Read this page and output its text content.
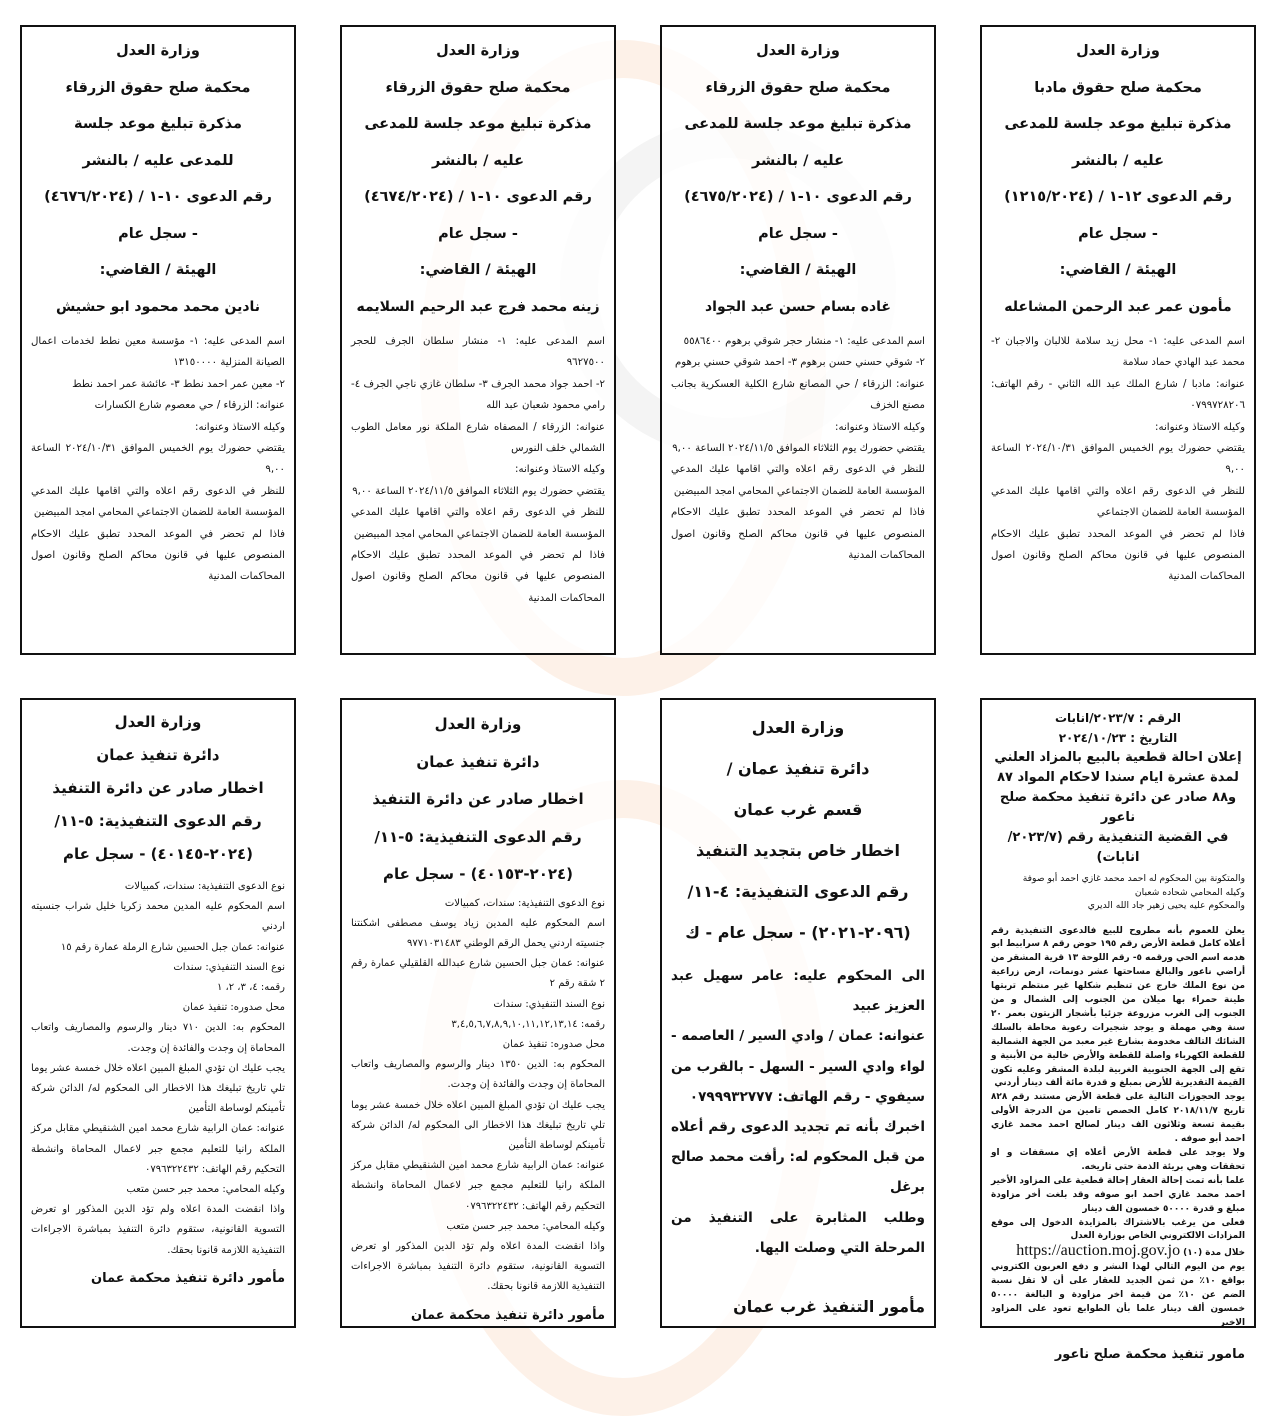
وزارة العدل
محكمة صلح حقوق مادبا
مذكرة تبليغ موعد جلسة للمدعى
عليه / بالنشر
رقم الدعوى ١٢-١ / (١٢١٥/٢٠٢٤)
- سجل عام
الهيئة / القاضي:
مأمون عمر عبد الرحمن المشاعله

اسم المدعى عليه: ١- محل زيد سلامة للالبان والاجبان ٢- محمد عبد الهادي حماد سلامة

عنوانه: مادبا / شارع الملك عبد الله الثاني - رقم الهاتف: ٠٧٩٩٧٢٨٢٠٦

وكيله الاستاذ وعنوانه:

يقتضي حضورك يوم الخميس الموافق ٢٠٢٤/١٠/٣١ الساعة ٩,٠٠

للنظر في الدعوى رقم اعلاه والتي اقامها عليك المدعي المؤسسة العامة للضمان الاجتماعي

فاذا لم تحضر في الموعد المحدد تطبق عليك الاحكام المنصوص عليها في قانون محاكم الصلح وقانون اصول المحاكمات المدنية

وزارة العدل
محكمة صلح حقوق الزرقاء
مذكرة تبليغ موعد جلسة للمدعى
عليه / بالنشر
رقم الدعوى ١٠-١ / (٤٦٧٥/٢٠٢٤)
- سجل عام
الهيئة / القاضي:
غاده بسام حسن عبد الجواد

اسم المدعى عليه: ١- منشار حجر شوقي برهوم ٥٥٨٦٤٠٠

٢- شوقي حسني حسن برهوم ٣- احمد شوقي حسني برهوم

عنوانه: الزرقاء / حي المصانع شارع الكلية العسكرية بجانب مصنع الخزف

وكيله الاستاذ وعنوانه:

يقتضي حضورك يوم الثلاثاء الموافق ٢٠٢٤/١١/٥ الساعة ٩,٠٠

للنظر في الدعوى رقم اعلاه والتي اقامها عليك المدعي المؤسسة العامة للضمان الاجتماعي المحامي امجد المبيضين

فاذا لم تحضر في الموعد المحدد تطبق عليك الاحكام المنصوص عليها في قانون محاكم الصلح وقانون اصول المحاكمات المدنية

وزارة العدل
محكمة صلح حقوق الزرقاء
مذكرة تبليغ موعد جلسة للمدعى
عليه / بالنشر
رقم الدعوى ١٠-١ / (٤٦٧٤/٢٠٢٤)
- سجل عام
الهيئة / القاضي:
زينه محمد فرج عبد الرحيم السلايمه

اسم المدعى عليه: ١- منشار سلطان الجرف للحجر ٩٦٢٧٥٠٠

٢- احمد جواد محمد الجرف ٣- سلطان غازي ناجي الجرف ٤- رامي محمود شعبان عبد الله

عنوانه: الزرقاء / المصفاه شارع الملكة نور معامل الطوب الشمالي خلف النورس

وكيله الاستاذ وعنوانه:

يقتضي حضورك يوم الثلاثاء الموافق ٢٠٢٤/١١/٥ الساعة ٩,٠٠

للنظر في الدعوى رقم اعلاه والتي اقامها عليك المدعي المؤسسة العامة للضمان الاجتماعي المحامي امجد المبيضين

فاذا لم تحضر في الموعد المحدد تطبق عليك الاحكام المنصوص عليها في قانون محاكم الصلح وقانون اصول المحاكمات المدنية

وزارة العدل
محكمة صلح حقوق الزرقاء
مذكرة تبليغ موعد جلسة
للمدعى عليه / بالنشر
رقم الدعوى ١٠-١ / (٤٦٧٦/٢٠٢٤)
- سجل عام
الهيئة / القاضي:
نادين محمد محمود ابو حشيش

اسم المدعى عليه: ١- مؤسسة معين نطط لخدمات اعمال الصيانة المنزلية ١٣١٥٠٠٠٠

٢- معين عمر احمد نطط ٣- عائشة عمر احمد نطط

عنوانه: الزرقاء / حي معصوم شارع الكسارات

وكيله الاستاذ وعنوانه:

يقتضي حضورك يوم الخميس الموافق ٢٠٢٤/١٠/٣١ الساعة ٩,٠٠

للنظر في الدعوى رقم اعلاه والتي اقامها عليك المدعي المؤسسة العامة للضمان الاجتماعي المحامي امجد المبيضين

فاذا لم تحضر في الموعد المحدد تطبق عليك الاحكام المنصوص عليها في قانون محاكم الصلح وقانون اصول المحاكمات المدنية

الرقم : ٢٠٢٣/٧/انابات
التاريخ : ٢٠٢٤/١٠/٢٣
إعلان احالة قطعية بالبيع بالمزاد العلني لمدة عشرة ايام سندا لاحكام المواد ٨٧ و٨٨ صادر عن دائرة تنفيذ محكمة صلح ناعور
في القضية التنفيذية رقم (٢٠٢٣/٧/ انابات)
والمتكونة بين المحكوم له احمد محمد غازي احمد أبو صوفة
وكيله المحامي شحاده شعبان
والمحكوم عليه يحيى زهير جاد الله الديري

يعلن للعموم بأنه مطروح للبيع فالدعوى التنفيذية رقم أعلاه كامل قطعة الأرض رقم ١٩٥ حوض رقم ٨ سرابيط ابو هدمه اسم الحي ورقمه ٥- رقم اللوحة ١٣ قرية المشقر من أراضي ناعور والبالغ مساحتها عشر دونمات، ارض زراعية من نوع الملك خارج عن تنظيم شكلها غير منتظم تربتها طينة حمراء بها ميلان من الجنوب إلى الشمال و من الجنوب إلى الغرب مزروعة جزئيا بأشجار الزيتون بعمر ٢٠ سنة وهي مهملة و يوجد شجيرات رعوية محاطة بالسلك الشائك التالف مخدومة بشارع غير معبد من الجهة الشمالية للقطعة الكهرباء واصلة للقطعة والأرض خالية من الأبنية و تقع إلى الجهة الجنوبية الغربية لبلدة المشقر وعليه تكون القيمة التقديرية للأرض بمبلغ و قدرة مائة ألف دينار أردني

يوجد الحجوزات التالية على قطعة الأرض مستند رقم ٨٢٨ تاريخ ٢٠١٨/١١/٧ كامل الحصص تامين من الدرجة الأولى بقيمة تسعة وثلاثون الف دينار لصالح احمد محمد غازي احمد أبو صوفه .

ولا يوجد على قطعة الأرض أعلاه إي مسقفات و او تحققات وهي بريئة الذمة حتى تاريخه.

علما بأنه تمت إحالة العقار إحالة قطعية على المزاود الأخير احمد محمد غازي احمد ابو صوفه وقد بلغت أخر مزاودة مبلغ و قدرة ٥٠٠٠٠ خمسون الف دينار

فعلى من يرغب بالاشتراك بالمزايدة الدخول إلى موقع المزادات الالكتروني الخاص بوزارة العدل

خلال مدة (١٠) https://auction.moj.gov.jo

يوم من اليوم التالي لهذا النشر و دفع العربون الكتروني بواقع ١٠٪ من ثمن الجديد للعقار على أن لا تقل نسبة الضم عن ١٠٪ من قيمة اخر مزاودة و البالغة ٥٠٠٠٠ خمسون ألف دينار علما بأن الطوابع تعود على المزاود الاخير

مامور تنفيذ محكمة صلح ناعور
وزارة العدل
دائرة تنفيذ عمان /
قسم غرب عمان
اخطار خاص بتجديد التنفيذ
رقم الدعوى التنفيذية: ٤-١١/
(٢٠٩٦-٢٠٢١) - سجل عام - ك

الى المحكوم عليه: عامر سهيل عبد العزيز عبيد

عنوانه: عمان / وادي السير / العاصمه - لواء وادي السير - السهل - بالقرب من سيفوي - رقم الهاتف: ٠٧٩٩٩٣٢٧٧٧

اخبرك بأنه تم تجديد الدعوى رقم أعلاه من قبل المحكوم له: رأفت محمد صالح برغل

وطلب المثابرة على التنفيذ من المرحلة التي وصلت اليها.

مأمور التنفيذ غرب عمان
وزارة العدل
دائرة تنفيذ عمان
اخطار صادر عن دائرة التنفيذ
رقم الدعوى التنفيذية: ٥-١١/
(٢٠٢٤-٤٠١٥٣) - سجل عام

نوع الدعوى التنفيذية: سندات، كمبيالات

اسم المحكوم عليه المدين زياد يوسف مصطفى اشكنتنا جنسيته اردني يحمل الرقم الوطني ٩٧٧١٠٣١٤٨٣

عنوانه: عمان جبل الحسين شارع عبدالله القلقيلي عمارة رقم ٢ شقة رقم ٢

نوع السند التنفيذي: سندات

رقمه: ٣,٤,٥,٦,٧,٨,٩,١٠,١١,١٢,١٣,١٤

محل صدوره: تنفيذ عمان

المحكوم به: الدين ١٣٥٠ دينار والرسوم والمصاريف واتعاب المحاماة إن وجدت والفائدة إن وجدت.

يجب عليك ان تؤدي المبلغ المبين اعلاه خلال خمسة عشر يوما تلي تاريخ تبليغك هذا الاخطار الى المحكوم له/ الدائن شركة تأمينكم لوساطة التأمين

عنوانه: عمان الرابية شارع محمد امين الشنقيطي مقابل مركز الملكة رانيا للتعليم مجمع جبر لاعمال المحاماة وانشطة التحكيم رقم الهاتف: ٠٧٩٦٣٢٢٤٣٢

وكيله المحامي: محمد جبر حسن متعب

واذا انقضت المدة اعلاه ولم تؤد الدين المذكور او تعرض التسوية القانونية، ستقوم دائرة التنفيذ بمباشرة الاجراءات التنفيذية اللازمة قانونا بحقك.

مأمور دائرة تنفيذ محكمة عمان
وزارة العدل
دائرة تنفيذ عمان
اخطار صادر عن دائرة التنفيذ
رقم الدعوى التنفيذية: ٥-١١/
(٢٠٢٤-٤٠١٤٥) - سجل عام

نوع الدعوى التنفيذية: سندات، كمبيالات

اسم المحكوم عليه المدين محمد زكريا خليل شراب جنسيته اردني

عنوانه: عمان جبل الحسين شارع الرملة عمارة رقم ١٥

نوع السند التنفيذي: سندات

رقمه: ٤، ٣، ٢، ١

محل صدوره: تنفيذ عمان

المحكوم به: الدين ٧١٠ دينار والرسوم والمصاريف واتعاب المحاماة إن وجدت والفائدة إن وجدت.

يجب عليك ان تؤدي المبلغ المبين اعلاه خلال خمسة عشر يوما تلي تاريخ تبليغك هذا الاخطار الى المحكوم له/ الدائن شركة تأمينكم لوساطة التأمين

عنوانه: عمان الرابية شارع محمد امين الشنقيطي مقابل مركز الملكة رانيا للتعليم مجمع جبر لاعمال المحاماة وانشطة التحكيم رقم الهاتف: ٠٧٩٦٣٢٢٤٣٢

وكيله المحامي: محمد جبر حسن متعب

واذا انقضت المدة اعلاه ولم تؤد الدين المذكور او تعرض التسوية القانونية، ستقوم دائرة التنفيذ بمباشرة الاجراءات التنفيذية اللازمة قانونا بحقك.

مأمور دائرة تنفيذ محكمة عمان
